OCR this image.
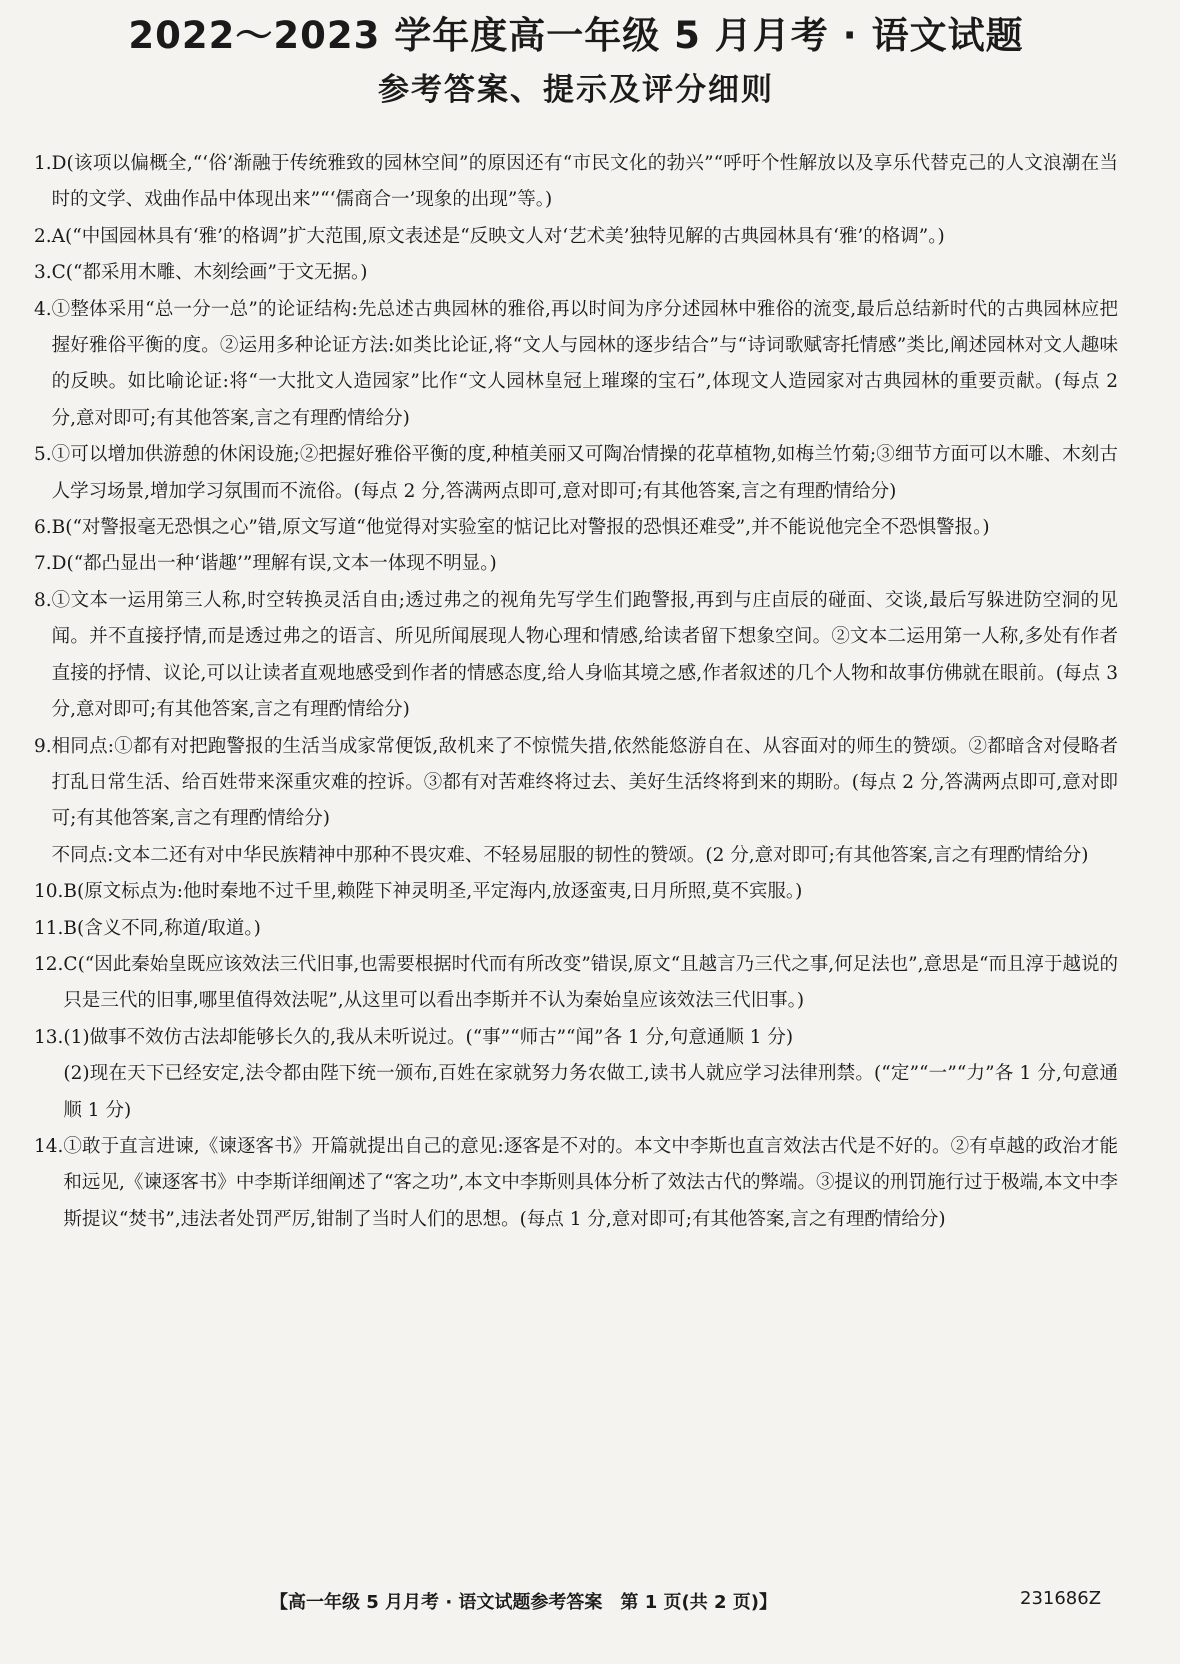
2022～2023 学年度高一年级 5 月月考 · 语文试题
参考答案、提示及评分细则
1. D(该项以偏概全,“‘俗’渐融于传统雅致的园林空间”的原因还有“市民文化的勃兴”“呼吁个性解放以及享乐代替克己的人文浪潮在当时的文学、戏曲作品中体现出来”“‘儒商合一’现象的出现”等。)

2. A(“中国园林具有‘雅’的格调”扩大范围,原文表述是“反映文人对‘艺术美’独特见解的古典园林具有‘雅’的格调”。)

3. C(“都采用木雕、木刻绘画”于文无据。)

4. ①整体采用“总一分一总”的论证结构:先总述古典园林的雅俗,再以时间为序分述园林中雅俗的流变,最后总结新时代的古典园林应把握好雅俗平衡的度。②运用多种论证方法:如类比论证,将“文人与园林的逐步结合”与“诗词歌赋寄托情感”类比,阐述园林对文人趣味的反映。如比喻论证:将“一大批文人造园家”比作“文人园林皇冠上璀璨的宝石”,体现文人造园家对古典园林的重要贡献。(每点 2 分,意对即可;有其他答案,言之有理酌情给分)

5. ①可以增加供游憩的休闲设施;②把握好雅俗平衡的度,种植美丽又可陶冶情操的花草植物,如梅兰竹菊;③细节方面可以木雕、木刻古人学习场景,增加学习氛围而不流俗。(每点 2 分,答满两点即可,意对即可;有其他答案,言之有理酌情给分)

6. B(“对警报毫无恐惧之心”错,原文写道“他觉得对实验室的惦记比对警报的恐惧还难受”,并不能说他完全不恐惧警报。)

7. D(“都凸显出一种‘谐趣’”理解有误,文本一体现不明显。)

8. ①文本一运用第三人称,时空转换灵活自由;透过弗之的视角先写学生们跑警报,再到与庄卣辰的碰面、交谈,最后写躲进防空洞的见闻。并不直接抒情,而是透过弗之的语言、所见所闻展现人物心理和情感,给读者留下想象空间。②文本二运用第一人称,多处有作者直接的抒情、议论,可以让读者直观地感受到作者的情感态度,给人身临其境之感,作者叙述的几个人物和故事仿佛就在眼前。(每点 3 分,意对即可;有其他答案,言之有理酌情给分)

9. 相同点:①都有对把跑警报的生活当成家常便饭,敌机来了不惊慌失措,依然能悠游自在、从容面对的师生的赞颂。②都暗含对侵略者打乱日常生活、给百姓带来深重灾难的控诉。③都有对苦难终将过去、美好生活终将到来的期盼。(每点 2 分,答满两点即可,意对即可;有其他答案,言之有理酌情给分)

不同点:文本二还有对中华民族精神中那种不畏灾难、不轻易屈服的韧性的赞颂。(2 分,意对即可;有其他答案,言之有理酌情给分)

10. B(原文标点为:他时秦地不过千里,赖陛下神灵明圣,平定海内,放逐蛮夷,日月所照,莫不宾服。)

11. B(含义不同,称道/取道。)

12. C(“因此秦始皇既应该效法三代旧事,也需要根据时代而有所改变”错误,原文“且越言乃三代之事,何足法也”,意思是“而且淳于越说的只是三代的旧事,哪里值得效法呢”,从这里可以看出李斯并不认为秦始皇应该效法三代旧事。)

13. (1)做事不效仿古法却能够长久的,我从未听说过。(“事”“师古”“闻”各 1 分,句意通顺 1 分)

(2)现在天下已经安定,法令都由陛下统一颁布,百姓在家就努力务农做工,读书人就应学习法律刑禁。(“定”“一”“力”各 1 分,句意通顺 1 分)

14. ①敢于直言进谏,《谏逐客书》开篇就提出自己的意见:逐客是不对的。本文中李斯也直言效法古代是不好的。②有卓越的政治才能和远见,《谏逐客书》中李斯详细阐述了“客之功”,本文中李斯则具体分析了效法古代的弊端。③提议的刑罚施行过于极端,本文中李斯提议“焚书”,违法者处罚严厉,钳制了当时人们的思想。(每点 1 分,意对即可;有其他答案,言之有理酌情给分)

【高一年级 5 月月考 · 语文试题参考答案　第 1 页(共 2 页)】	231686Z
